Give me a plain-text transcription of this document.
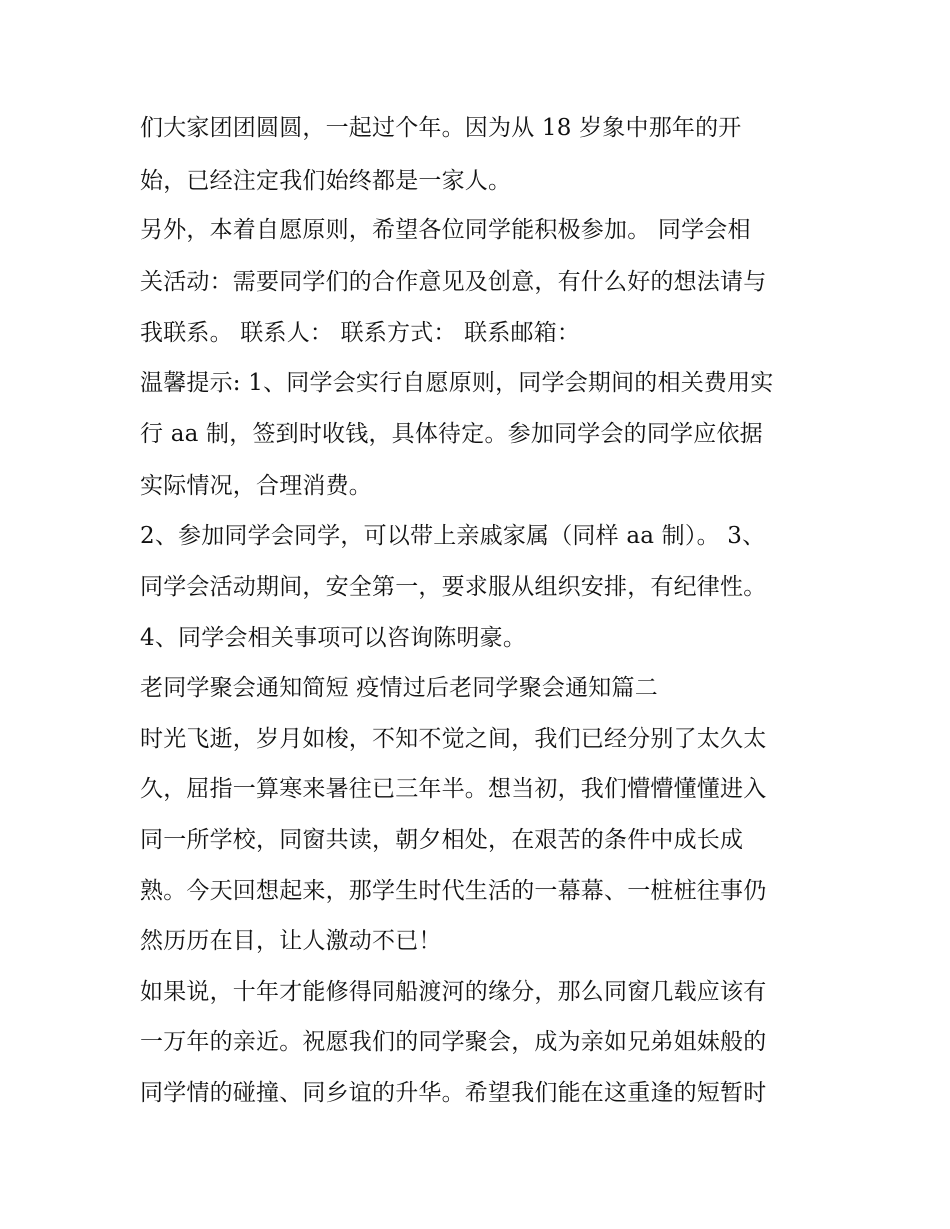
们大家团团圆圆，一起过个年。因为从 18 岁象中那年的开
始，已经注定我们始终都是一家人。
另外，本着自愿原则，希望各位同学能积极参加。 同学会相
关活动：需要同学们的合作意见及创意，有什么好的想法请与
我联系。 联系人： 联系方式： 联系邮箱：
温馨提示: 1、同学会实行自愿原则，同学会期间的相关费用实
行 aa 制，签到时收钱，具体待定。参加同学会的同学应依据
实际情况，合理消费。
2、参加同学会同学，可以带上亲戚家属（同样 aa 制）。 3、
同学会活动期间，安全第一，要求服从组织安排，有纪律性。
4、同学会相关事项可以咨询陈明豪。
老同学聚会通知简短 疫情过后老同学聚会通知篇二
时光飞逝，岁月如梭，不知不觉之间，我们已经分别了太久太
久，屈指一算寒来暑往已三年半。想当初，我们懵懵懂懂进入
同一所学校，同窗共读，朝夕相处，在艰苦的条件中成长成
熟。今天回想起来，那学生时代生活的一幕幕、一桩桩往事仍
然历历在目，让人激动不已！
如果说，十年才能修得同船渡河的缘分，那么同窗几载应该有
一万年的亲近。祝愿我们的同学聚会，成为亲如兄弟姐妹般的
同学情的碰撞、同乡谊的升华。希望我们能在这重逢的短暂时
